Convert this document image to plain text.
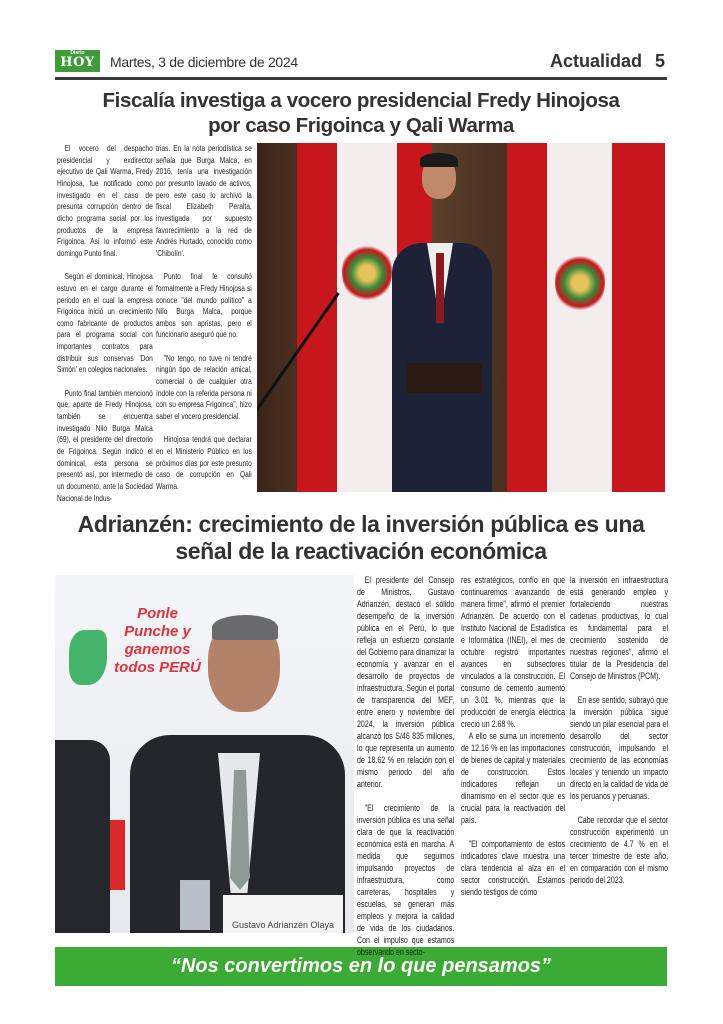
Diario
HOY	Martes, 3 de diciembre de 2024	Actualidad 5
Fiscalía investiga a vocero presidencial Fredy Hinojosa
por caso Frigoinca y Qali Warma

El vocero del despacho presidencial y exdirector ejecutivo de Qali Warma, Fredy Hinojosa, fue notificado como investigado en el caso de presunta corrupción dentro de dicho programa social por los productos de la empresa Frigoinca. Así lo informó este domingo Punto final.

Según el dominical, Hinojosa estuvo en el cargo durante el periodo en el cual la empresa Frigoinca inició un crecimiento como fabricante de productos para el programa social con importantes contratos para distribuir sus conservas 'Don Simón' en colegios nacionales.

Punto final también mencionó que, aparte de Fredy Hinojosa, también se encuentra investigado Nilo Burga Malca (69), el presidente del directorio de Frigoinca. Según indicó el dominical, esta persona se presentó así, por intermedio de un documento, ante la Sociedad Nacional de Indus-

trias. En la nota periodística se señala que Burga Malca, en 2016, tenía una investigación por presunto lavado de activos, pero este caso lo archivó la fiscal Elizabeth Peralta, investigada por supuesto favorecimiento a la red de Andrés Hurtado, conocido como 'Chibolín'.

Punto final le consultó formalmente a Fredy Hinojosa si conoce "del mundo político" a Nilo Burga Malca, porque ambos son apristas, pero el funcionario aseguró que no.

"No tengo, no tuve ni tendré ningún tipo de relación amical, comercial o de cualquier otra índole con la referida persona ni con su empresa Frigoinca", hizo saber el vocero presidencial.

Hinojosa tendrá que declarar en el Ministerio Público en los próximos días por este presunto caso de corrupción en Qali Warma.

Adrianzén: crecimiento de la inversión pública es una
señal de la reactivación económica
Ponle Punche y ganemos todos PERÚ
Gustavo Adrianzén Olaya

El presidente del Consejo de Ministros, Gustavo Adrianzén, destacó el sólido desempeño de la inversión pública en el Perú, lo que refleja un esfuerzo constante del Gobierno para dinamizar la economía y avanzar en el desarrollo de proyectos de infraestructura. Según el portal de transparencia del MEF, entre enero y noviembre del 2024, la inversión pública alcanzó los S/46 835 millones, lo que representa un aumento de 18.62 % en relación con el mismo periodo del año anterior.

"El crecimiento de la inversión pública es una señal clara de que la reactivación económica está en marcha. A medida que seguimos impulsando proyectos de infraestructura, como carreteras, hospitales y escuelas, se generan más empleos y mejora la calidad de vida de los ciudadanos. Con el impulso que estamos observando en secto-

res estratégicos, confío en que continuaremos avanzando de manera firme", afirmó el premier Adrianzén. De acuerdo con el Instituto Nacional de Estadística e Informática (INEI), el mes de octubre registró importantes avances en subsectores vinculados a la construcción. El consumo de cemento aumentó un 3.01 %, mientras que la producción de energía eléctrica creció un 2.68 %.

A ello se suma un incremento de 12.16 % en las importaciones de bienes de capital y materiales de construcción. Estos indicadores reflejan un dinamismo en el sector que es crucial para la reactivación del país.

"El comportamiento de estos indicadores clave muestra una clara tendencia al alza en el sector construcción. Estamos siendo testigos de cómo

la inversión en infraestructura está generando empleo y fortaleciendo nuestras cadenas productivas, lo cual es fundamental para el crecimiento sostenido de nuestras regiones", afirmó el titular de la Presidencia del Consejo de Ministros (PCM).

En ese sentido, subrayó que la inversión pública sigue siendo un pilar esencial para el desarrollo del sector construcción, impulsando el crecimiento de las economías locales y teniendo un impacto directo en la calidad de vida de los peruanos y peruanas.

Cabe recordar que el sector construcción experimentó un crecimiento de 4.7 % en el tercer trimestre de este año, en comparación con el mismo periodo del 2023.

“Nos convertimos en lo que pensamos”
